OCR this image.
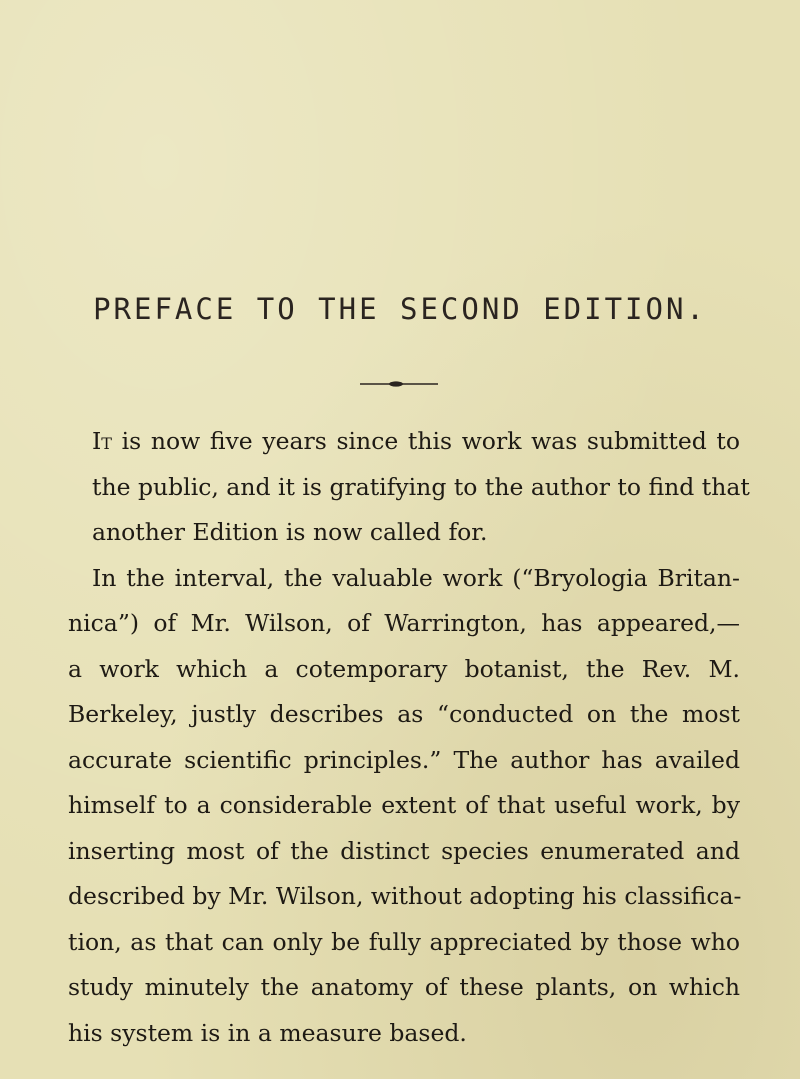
PREFACE TO THE SECOND EDITION.

It is now five years since this work was submitted to
the public, and it is gratifying to the author to find that
another Edition is now called for.

In the interval, the valuable work (“Bryologia Britan-
nica”) of Mr. Wilson, of Warrington, has appeared,—
a work which a cotemporary botanist, the Rev. M.
Berkeley, justly describes as “conducted on the most
accurate scientific principles.” The author has availed
himself to a considerable extent of that useful work, by
inserting most of the distinct species enumerated and
described by Mr. Wilson, without adopting his classifica-
tion, as that can only be fully appreciated by those who
study minutely the anatomy of these plants, on which
his system is in a measure based.
